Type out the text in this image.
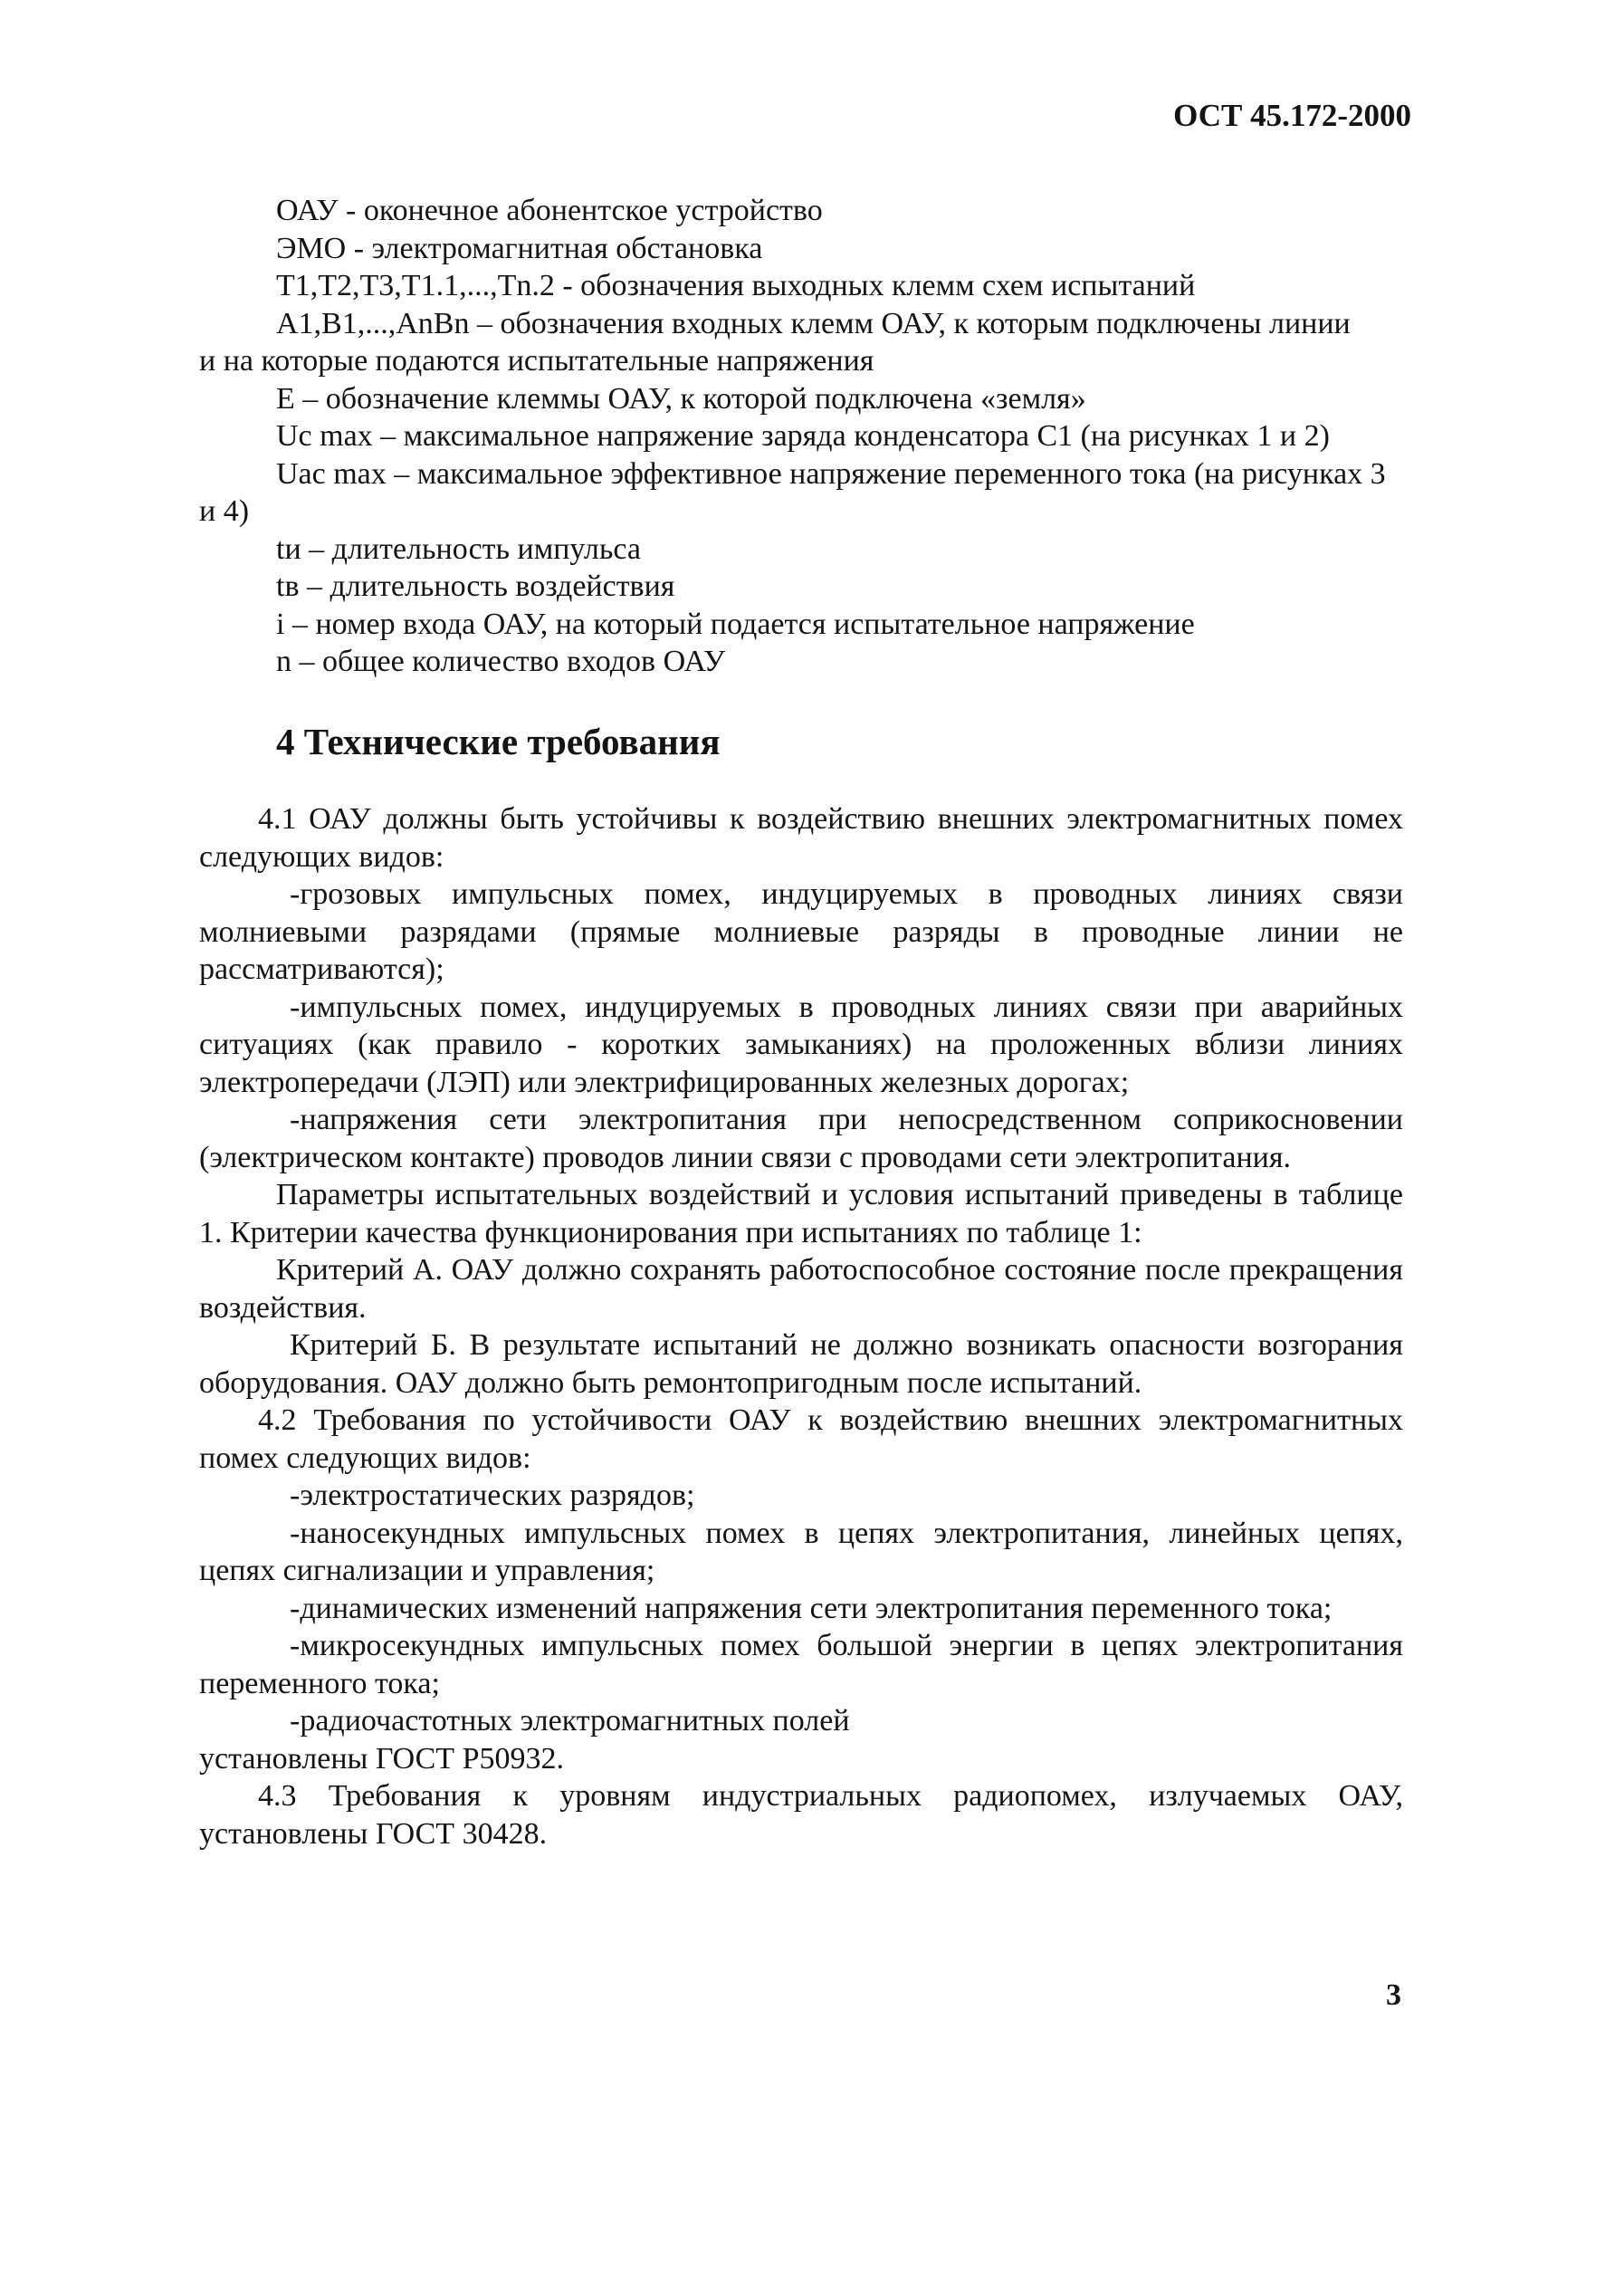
ОСТ 45.172-2000

ОАУ - оконечное абонентское устройство

ЭМО - электромагнитная обстановка

Т1,Т2,Т3,Т1.1,...,Тn.2 - обозначения выходных клемм схем испытаний

А1,В1,...,АnВn – обозначения входных клемм ОАУ, к которым подключены линии

и на которые подаются испытательные напряжения

Е – обозначение клеммы ОАУ, к которой подключена «земля»

Uc max – максимальное напряжение заряда конденсатора С1 (на рисунках 1 и 2)

Uac max – максимальное эффективное напряжение переменного тока (на рисунках 3

и 4)

tи – длительность импульса

tв – длительность воздействия

i – номер входа ОАУ, на который подается испытательное напряжение

n – общее количество входов ОАУ

4 Технические требования

4.1 ОАУ должны быть устойчивы к воздействию внешних электромагнитных помех следующих видов:

-грозовых импульсных помех, индуцируемых в проводных линиях связи молниевыми разрядами (прямые молниевые разряды в проводные линии не рассматриваются);

-импульсных помех, индуцируемых в проводных линиях связи при аварийных ситуациях (как правило - коротких замыканиях) на проложенных вблизи линиях электропередачи (ЛЭП) или электрифицированных железных дорогах;

-напряжения сети электропитания при непосредственном соприкосновении (электрическом контакте) проводов линии связи с проводами сети электропитания.

Параметры испытательных воздействий и условия испытаний приведены в таблице 1. Критерии качества функционирования при испытаниях по таблице 1:

Критерий А. ОАУ должно сохранять работоспособное состояние после прекращения воздействия.

Критерий Б. В результате испытаний не должно возникать опасности возгорания оборудования. ОАУ должно быть ремонтопригодным после испытаний.

4.2 Требования по устойчивости ОАУ к воздействию внешних электромагнитных помех следующих видов:

-электростатических разрядов;

-наносекундных импульсных помех в цепях электропитания, линейных цепях, цепях сигнализации и управления;

-динамических изменений напряжения сети электропитания переменного тока;

-микросекундных импульсных помех большой энергии в цепях электропитания переменного тока;

-радиочастотных электромагнитных полей

установлены ГОСТ Р50932.

4.3 Требования к уровням индустриальных радиопомех, излучаемых ОАУ, установлены ГОСТ 30428.

3
